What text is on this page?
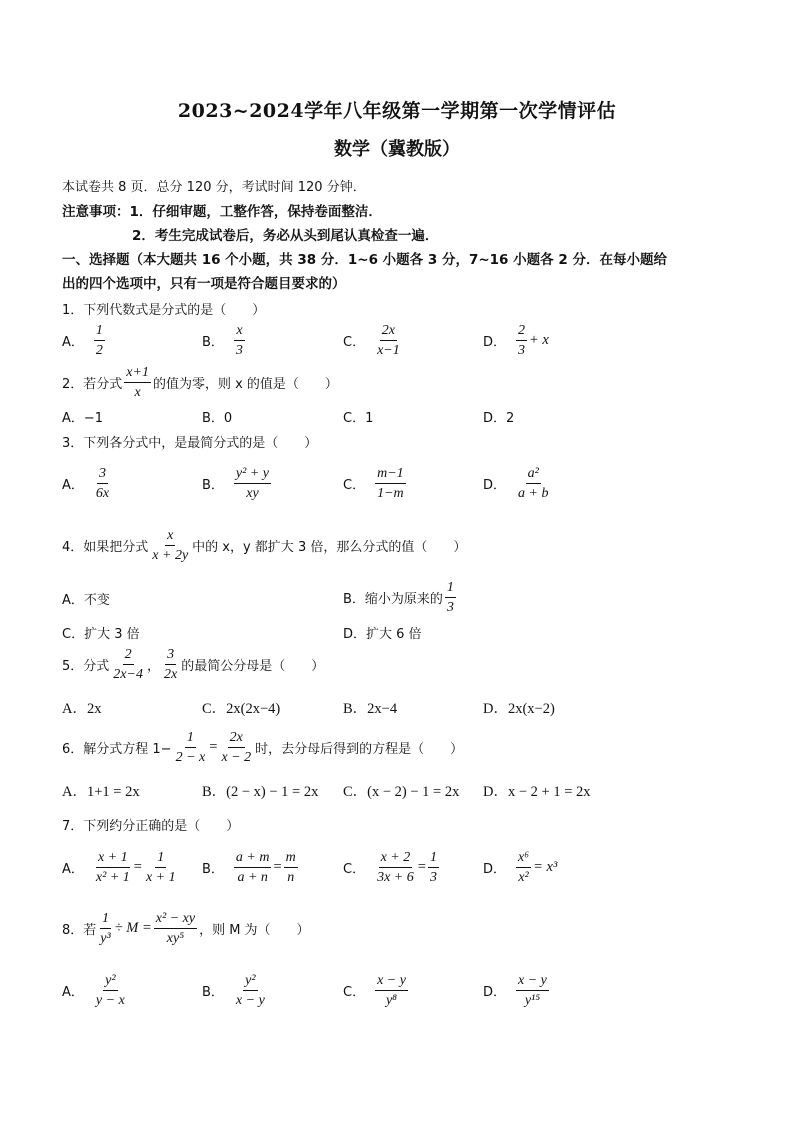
2023~2024学年八年级第一学期第一次学情评估
数学（冀教版）
本试卷共 8 页．总分 120 分，考试时间 120 分钟．
注意事项：1．仔细审题，工整作答，保持卷面整洁．
2．考生完成试卷后，务必从头到尾认真检查一遍．
一、选择题（本大题共 16 个小题，共 38 分．1~6 小题各 3 分，7~16 小题各 2 分．在每小题给
出的四个选项中，只有一项是符合题目要求的）
1．下列代数式是分式的是（　　）
A． $\frac{1}{2}$	B． $\frac{x}{3}$	C． $\frac{2x}{x-1}$	D． $\frac{2}{3} + x$
2．若分式 $\frac{x+1}{x}$ 的值为零，则 x 的值是（　　）
A．−1	B．0	C．1	D．2
3．下列各分式中，是最简分式的是（　　）
A． $\frac{3}{6x}$	B． $\frac{\text{y² + y}}{xy}$	C． $\frac{m-1}{1-m}$	D． $\frac{\text{a²}}{a + b}$
4．如果把分式 $\frac{x}{x + 2y}$ 中的 x，y 都扩大 3 倍，那么分式的值（　　）
A．不变	B．缩小为原来的 $\frac{1}{3}$
C．扩大 3 倍	D．扩大 6 倍
5．分式 $\frac{2}{2x-4}$ ， $\frac{3}{2x}$ 的最简公分母是（　　）
A．2x	C．2x(2x−4)	B．2x−4	D．2x(x−2)
6．解分式方程 $1- \frac{1}{2 - x} = \frac{2x}{x - 2}$ 时，去分母后得到的方程是（　　）
A．1+1 = 2x	B．(2 − x) − 1 = 2x C．(x − 2) − 1 = 2x D．x − 2 + 1 = 2x
7．下列约分正确的是（　　）
A． $\frac{x + 1}{\text{x² + 1}} = \frac{1}{x + 1}$ B． $\frac{a + m}{a + n} = \frac{m}{n}$	C． $\frac{x + 2}{3x + 6} = \frac{1}{3}$	D． $\frac{\text{x⁶}}{\text{x²}} = x^3$
8．若 $\frac{1}{\text{y³}} \div M = \frac{\text{x² − xy}}{\text{xy⁵}}$ ，则 M 为（　　）
A． $\frac{\text{y²}}{y - x}$	B． $\frac{\text{y²}}{x - y}$	C． $\frac{x - y}{\text{y⁸}}$	D． $\frac{x - y}{\text{y¹⁵}}$
